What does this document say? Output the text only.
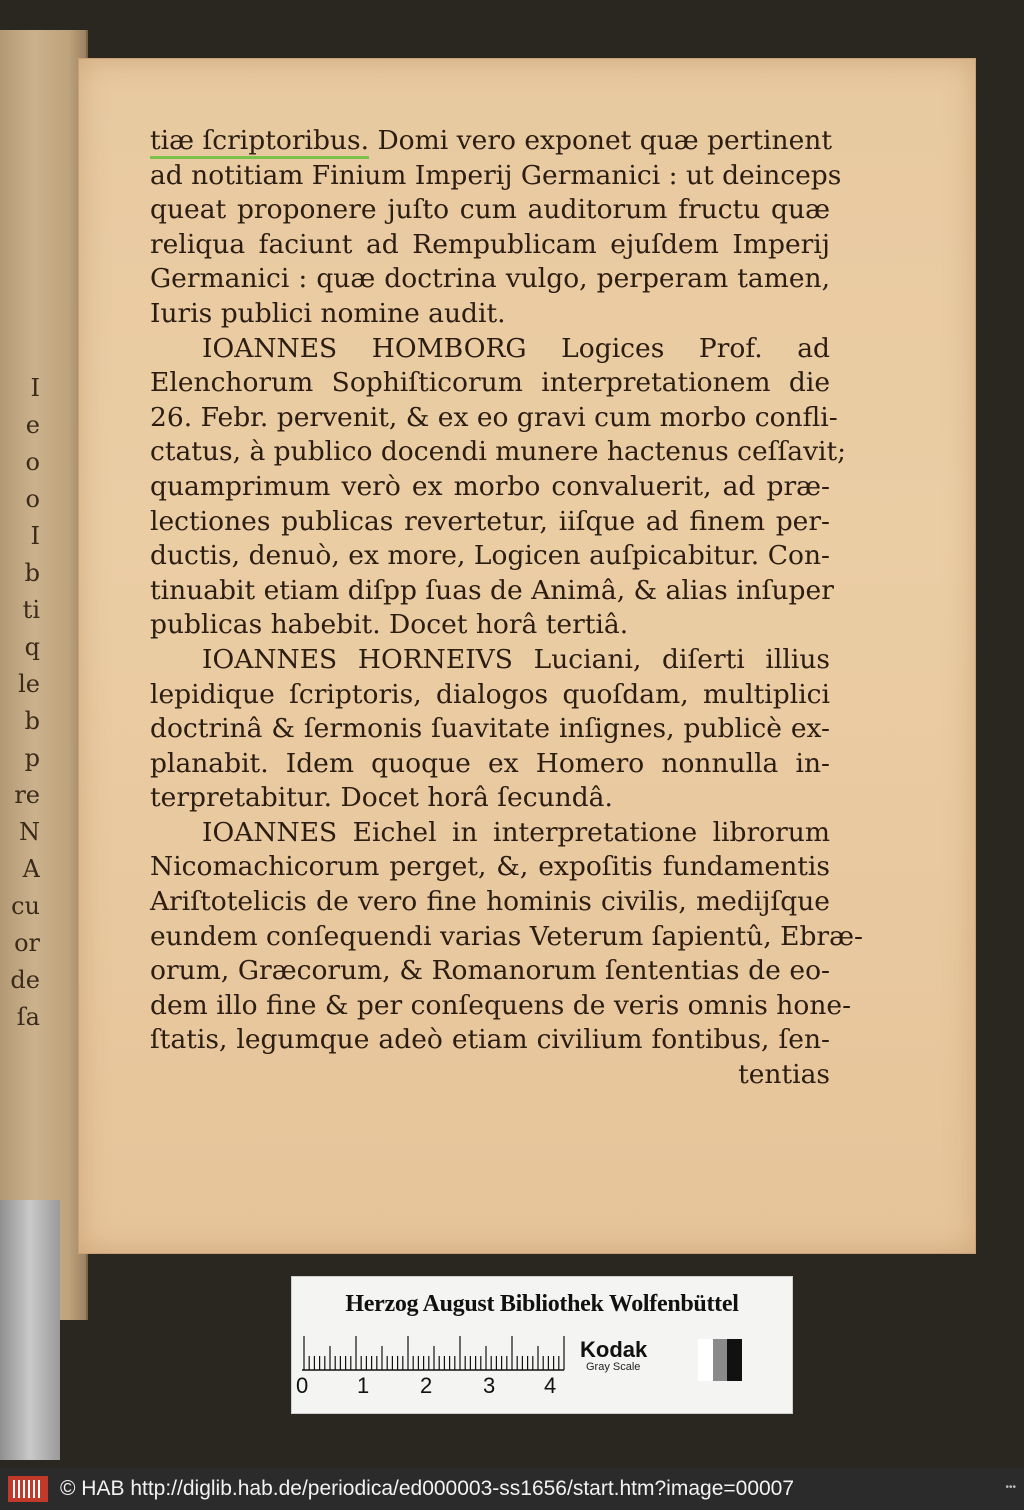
I
e
o
o
I
b
ti
q
le
b
p
re
N
A
cu
or
de
ſa
tiæ ſcriptoribus. Domi vero exponet quæ pertinent
ad notitiam Finium Imperij Germanici : ut deinceps
queat proponere juſto cum auditorum fructu quæ
reliqua faciunt ad Rempublicam ejuſdem Imperij
Germanici : quæ doctrina vulgo, perperam tamen,
Iuris publici nomine audit.
IOANNES HOMBORG Logices Prof. ad
Elenchorum Sophiſticorum interpretationem die
26. Febr. pervenit, & ex eo gravi cum morbo confli-
ctatus, à publico docendi munere hactenus ceſſavit;
quamprimum verò ex morbo convaluerit, ad præ-
lectiones publicas revertetur, iiſque ad finem per-
ductis, denuò, ex more, Logicen auſpicabitur. Con-
tinuabit etiam diſpp ſuas de Animâ, & alias inſuper
publicas habebit. Docet horâ tertiâ.
IOANNES HORNEIVS Luciani, diſerti illius
lepidique ſcriptoris, dialogos quoſdam, multiplici
doctrinâ & ſermonis ſuavitate inſignes, publicè ex-
planabit. Idem quoque ex Homero nonnulla in-
terpretabitur. Docet horâ ſecundâ.
IOANNES Eichel in interpretatione librorum
Nicomachicorum perget, &, expoſitis fundamentis
Ariſtotelicis de vero fine hominis civilis, medijſque
eundem conſequendi varias Veterum ſapientû, Ebræ-
orum, Græcorum, & Romanorum ſententias de eo-
dem illo fine & per conſequens de veris omnis hone-
ſtatis, legumque adeò etiam civilium fontibus, ſen-
tentias
Herzog August Bibliothek Wolfenbüttel
0 1 2 3 4
Kodak
Gray Scale
© HAB http://diglib.hab.de/periodica/ed000003-ss1656/start.htm?image=00007	•••
